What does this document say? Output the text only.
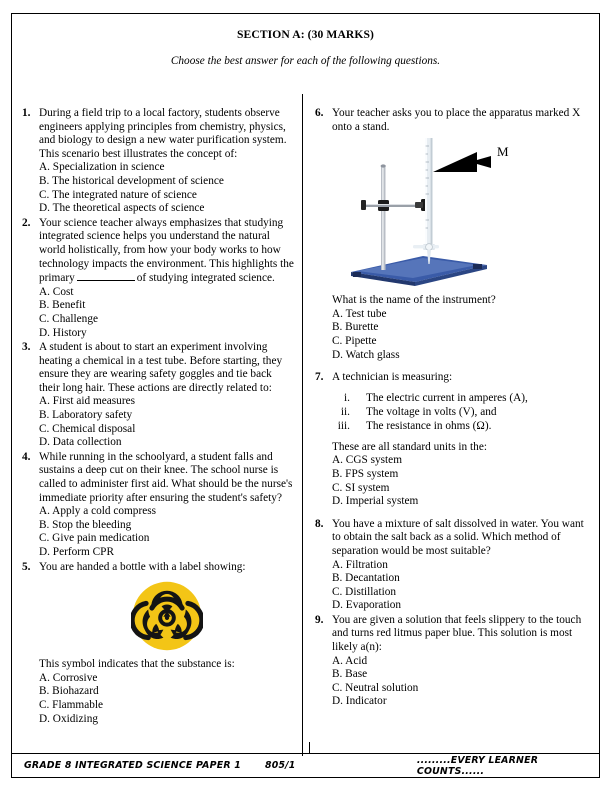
SECTION A: (30 MARKS)
Choose the best answer for each of the following questions.
1. During a field trip to a local factory, students observe engineers applying principles from chemistry, physics, and biology to design a new water purification system. This scenario best illustrates the concept of:

A. Specialization in science

B. The historical development of science

C. The integrated nature of science

D. The theoretical aspects of science

2. Your science teacher always emphasizes that studying integrated science helps you understand the natural world holistically, from how your body works to how technology impacts the environment. This highlights the primary	of studying integrated science.

A. Cost

B. Benefit

C. Challenge

D. History

3. A student is about to start an experiment involving heating a chemical in a test tube. Before starting, they ensure they are wearing safety goggles and tie back their long hair. These actions are directly related to:

A. First aid measures

B. Laboratory safety

C. Chemical disposal

D. Data collection

4. While running in the schoolyard, a student falls and sustains a deep cut on their knee. The school nurse is called to administer first aid. What should be the nurse's immediate priority after ensuring the student's safety?

A. Apply a cold compress

B. Stop the bleeding

C. Give pain medication

D. Perform CPR

5. You are handed a bottle with a label showing:

This symbol indicates that the substance is:

A. Corrosive

B. Biohazard

C. Flammable

D. Oxidizing

6. Your teacher asks you to place the apparatus marked X onto a stand.

M

What is the name of the instrument?

A. Test tube

B. Burette

C. Pipette

D. Watch glass

7. A technician is measuring:

i.	The electric current in amperes (A),
ii.	The voltage in volts (V), and
iii.	The resistance in ohms (Ω).

These are all standard units in the:

A. CGS system

B. FPS system

C. SI system

D. Imperial system

8. You have a mixture of salt dissolved in water. You want to obtain the salt back as a solid. Which method of separation would be most suitable?

A. Filtration

B. Decantation

C. Distillation

D. Evaporation

9. You are given a solution that feels slippery to the touch and turns red litmus paper blue. This solution is most likely a(n):

A. Acid

B. Base

C. Neutral solution

D. Indicator

GRADE 8 INTEGRATED SCIENCE PAPER 1	805/1	.........EVERY LEARNER COUNTS......
